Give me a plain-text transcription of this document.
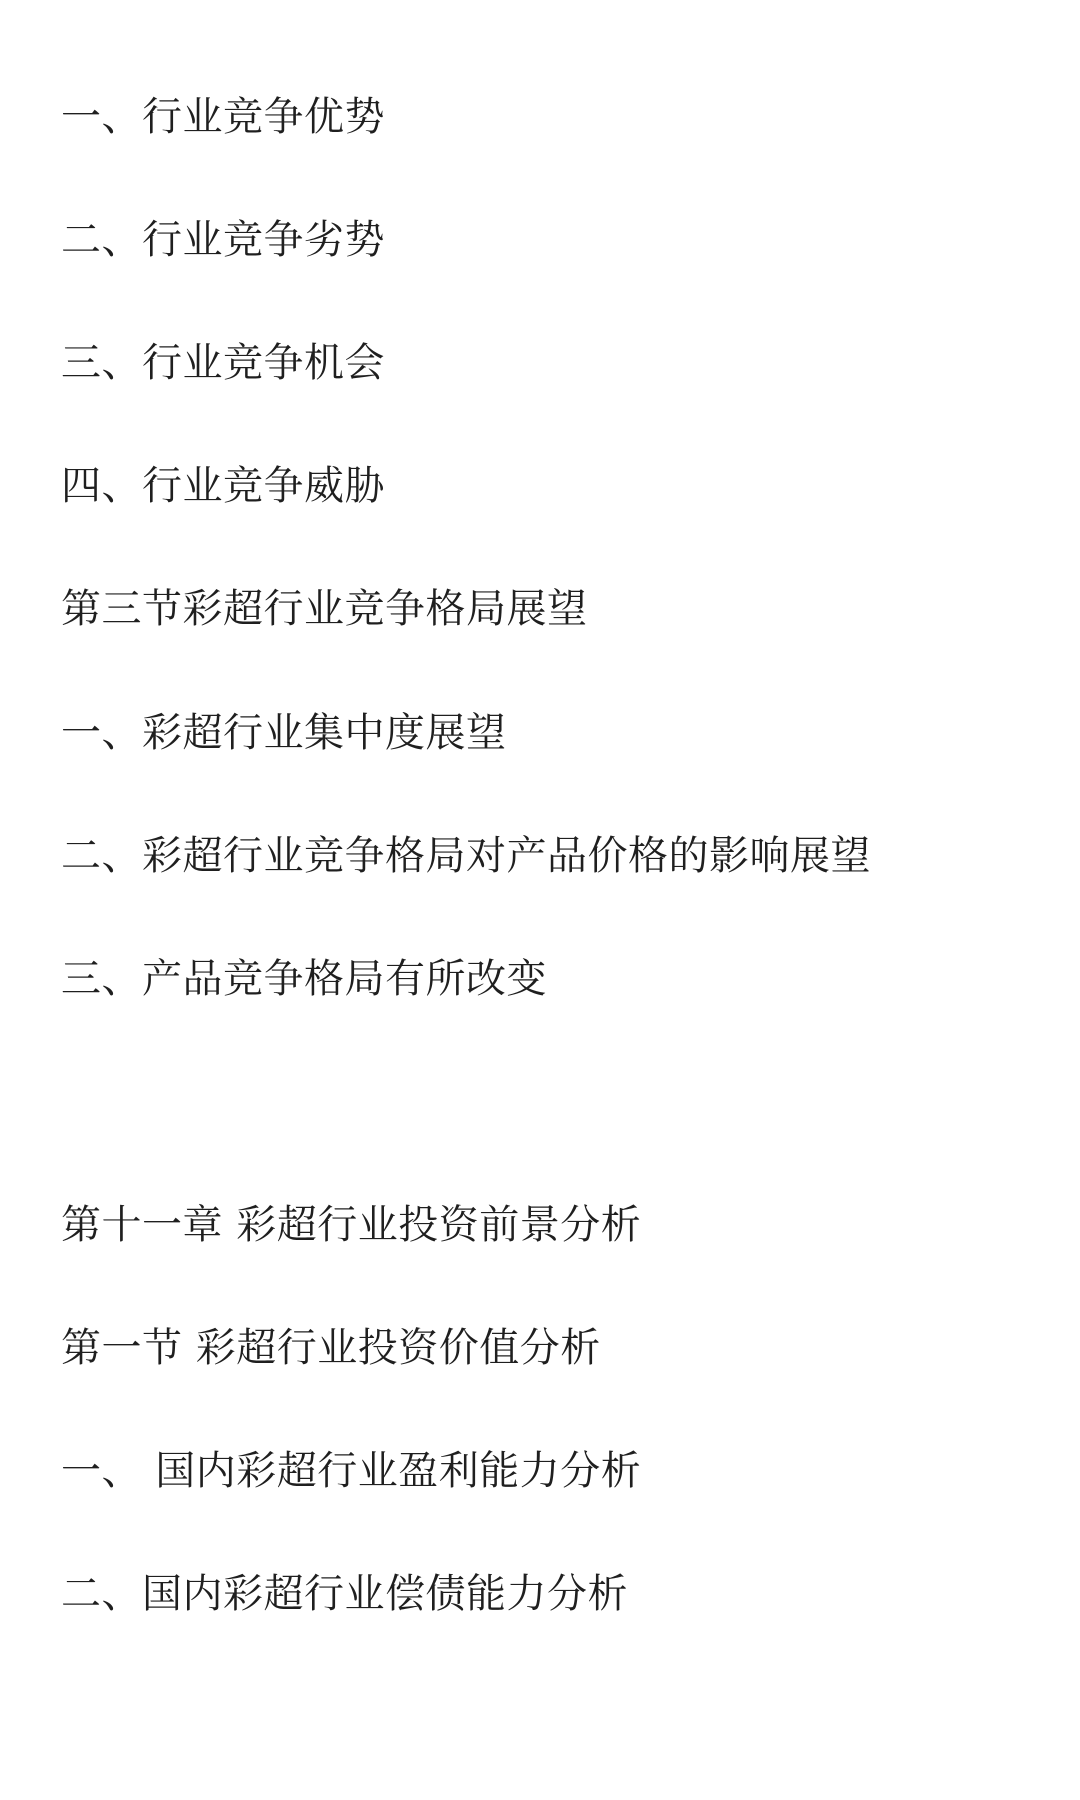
一、行业竞争优势
二、行业竞争劣势
三、行业竞争机会
四、行业竞争威胁
第三节彩超行业竞争格局展望
一、彩超行业集中度展望
二、彩超行业竞争格局对产品价格的影响展望
三、产品竞争格局有所改变
第十一章 彩超行业投资前景分析
第一节 彩超行业投资价值分析
一、 国内彩超行业盈利能力分析
二、国内彩超行业偿债能力分析
